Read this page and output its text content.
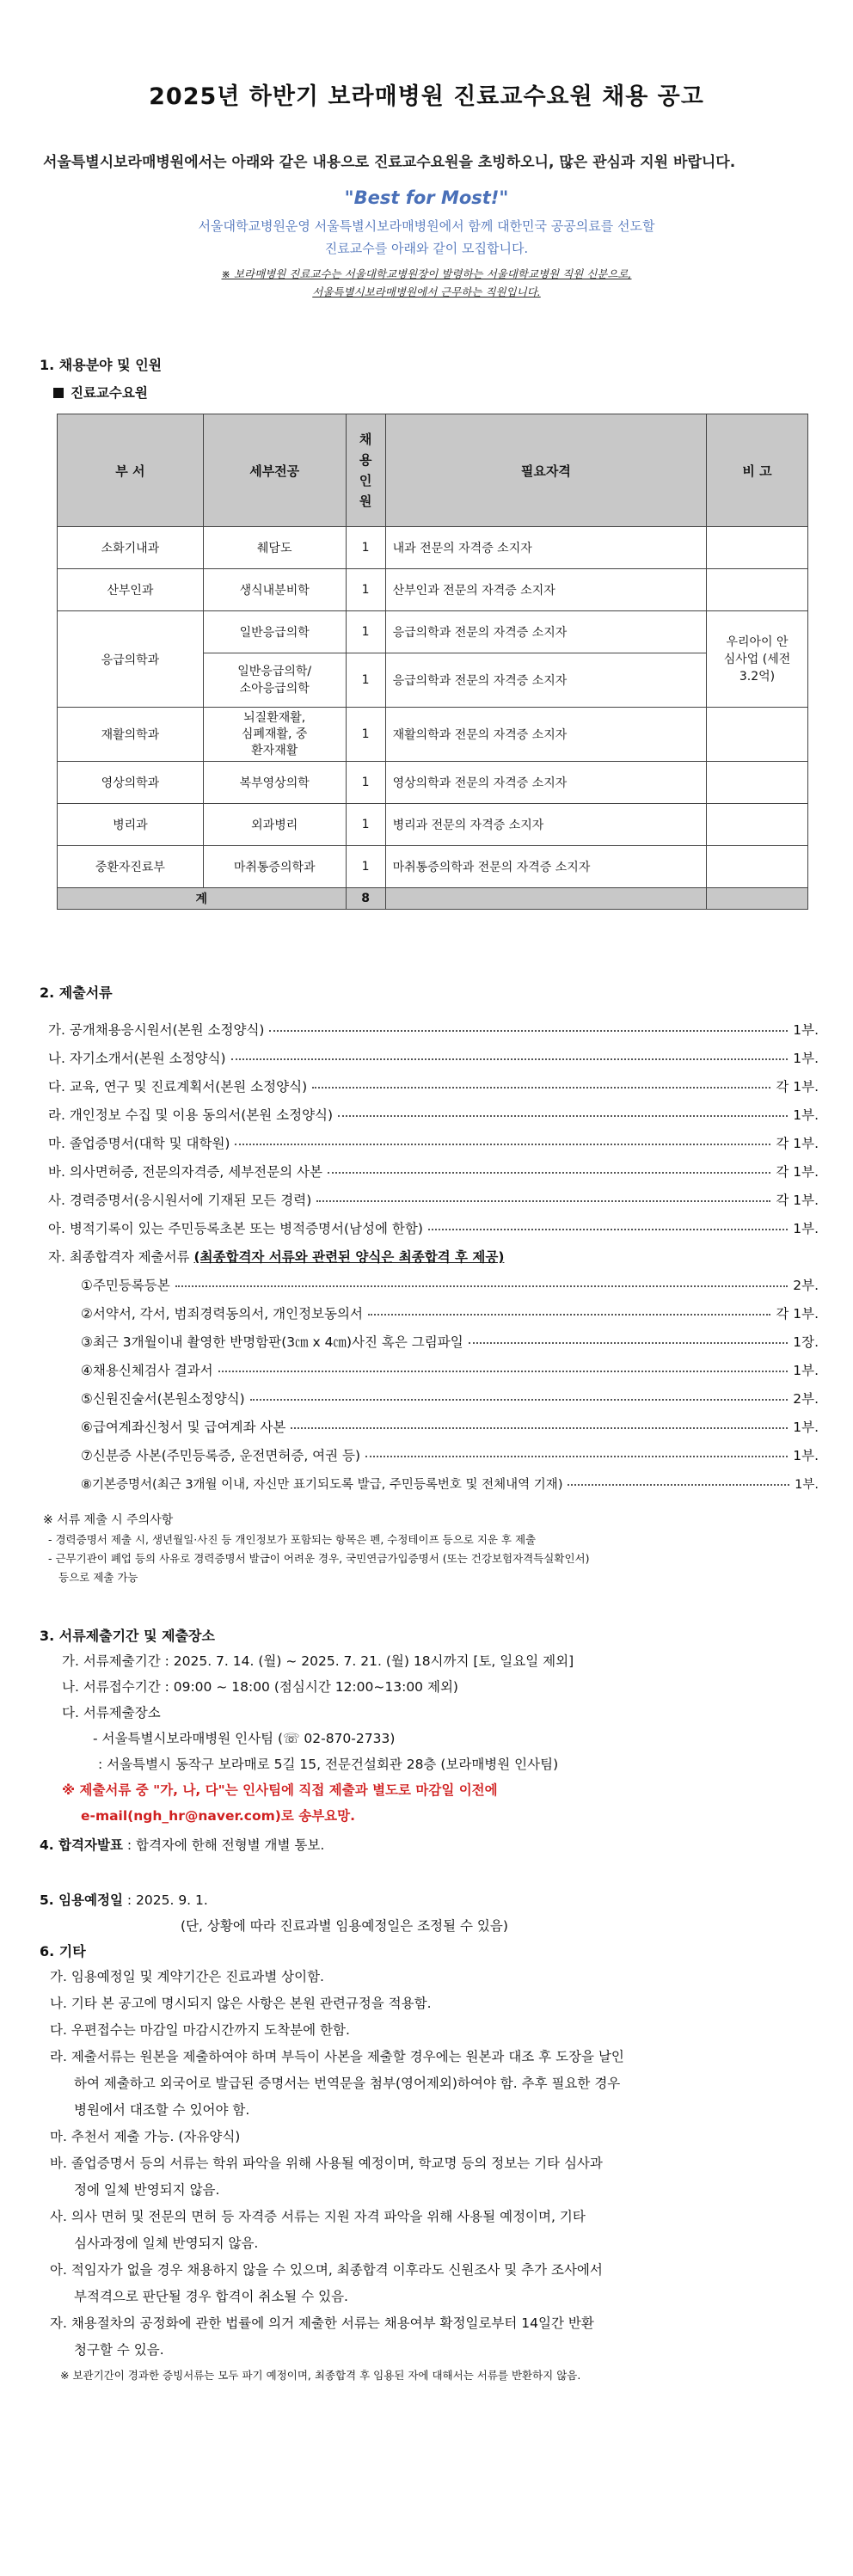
2025년 하반기 보라매병원 진료교수요원 채용 공고
서울특별시보라매병원에서는 아래와 같은 내용으로 진료교수요원을 초빙하오니, 많은 관심과 지원 바랍니다.
"Best for Most!"
서울대학교병원운영 서울특별시보라매병원에서 함께 대한민국 공공의료를 선도할
진료교수를 아래와 같이 모집합니다.
※ 보라매병원 진료교수는 서울대학교병원장이 발령하는 서울대학교병원 직원 신분으로,
서울특별시보라매병원에서 근무하는 직원입니다.
1. 채용분야 및 인원
진료교수요원
부 서	세부전공	채 용 인 원	필요자격	비 고
소화기내과	췌담도	1	내과 전문의 자격증 소지자	
산부인과	생식내분비학	1	산부인과 전문의 자격증 소지자	
응급의학과	일반응급의학	1	응급의학과 전문의 자격증 소지자	우리아이 안심사업 (세전 3.2억)
	일반응급의학/ 소아응급의학	1	응급의학과 전문의 자격증 소지자	
재활의학과	뇌질환재활, 심폐재활, 중환자재활	1	재활의학과 전문의 자격증 소지자	
영상의학과	복부영상의학	1	영상의학과 전문의 자격증 소지자	
병리과	외과병리	1	병리과 전문의 자격증 소지자	
중환자진료부	마취통증의학과	1	마취통증의학과 전문의 자격증 소지자	
계		8		
2. 제출서류
가. 공개채용응시원서(본원 소정양식)	1부.
나. 자기소개서(본원 소정양식)	1부.
다. 교육, 연구 및 진료계획서(본원 소정양식)	각 1부.
라. 개인정보 수집 및 이용 동의서(본원 소정양식)	1부.
마. 졸업증명서(대학 및 대학원)	각 1부.
바. 의사면허증, 전문의자격증, 세부전문의 사본	각 1부.
사. 경력증명서(응시원서에 기재된 모든 경력)	각 1부.
아. 병적기록이 있는 주민등록초본 또는 병적증명서(남성에 한함)	1부.
자. 최종합격자 제출서류
(최종합격자 서류와 관련된 양식은 최종합격 후 제공)
①주민등록등본	2부.
②서약서, 각서, 범죄경력동의서, 개인정보동의서	각 1부.
③최근 3개월이내 촬영한 반명함판(3㎝ x 4㎝)사진 혹은 그림파일	1장.
④채용신체검사 결과서	1부.
⑤신원진술서(본원소정양식)	2부.
⑥급여계좌신청서 및 급여계좌 사본	1부.
⑦신분증 사본(주민등록증, 운전면허증, 여권 등)	1부.
⑧기본증명서(최근 3개월 이내, 자신만 표기되도록 발급, 주민등록번호 및 전체내역 기재)	1부.
※ 서류 제출 시 주의사항
- 경력증명서 제출 시, 생년월일·사진 등 개인정보가 포함되는 항목은 펜, 수정테이프 등으로 지운 후 제출
- 근무기관이 폐업 등의 사유로 경력증명서 발급이 어려운 경우, 국민연금가입증명서 (또는 건강보험자격득실확인서)
등으로 제출 가능
3. 서류제출기간 및 제출장소
가. 서류제출기간 : 2025. 7. 14. (월) ~ 2025. 7. 21. (월) 18시까지 [토, 일요일 제외]
나. 서류접수기간 : 09:00 ~ 18:00 (점심시간 12:00~13:00 제외)
다. 서류제출장소
- 서울특별시보라매병원 인사팀 (☏ 02-870-2733)
: 서울특별시 동작구 보라매로 5길 15, 전문건설회관 28층 (보라매병원 인사팀)
※ 제출서류 중 "가, 나, 다"는 인사팀에 직접 제출과 별도로 마감일 이전에
e-mail(ngh_hr@naver.com)로 송부요망.
4. 합격자발표 : 합격자에 한해 전형별 개별 통보.
5. 임용예정일 : 2025. 9. 1.
(단, 상황에 따라 진료과별 임용예정일은 조정될 수 있음)
6. 기타
가. 임용예정일 및 계약기간은 진료과별 상이함.
나. 기타 본 공고에 명시되지 않은 사항은 본원 관련규정을 적용함.
다. 우편접수는 마감일 마감시간까지 도착분에 한함.
라. 제출서류는 원본을 제출하여야 하며 부득이 사본을 제출할 경우에는 원본과 대조 후 도장을 날인
하여 제출하고 외국어로 발급된 증명서는 번역문을 첨부(영어제외)하여야 함. 추후 필요한 경우
병원에서 대조할 수 있어야 함.
마. 추천서 제출 가능. (자유양식)
바. 졸업증명서 등의 서류는 학위 파악을 위해 사용될 예정이며, 학교명 등의 정보는 기타 심사과
정에 일체 반영되지 않음.
사. 의사 면허 및 전문의 면허 등 자격증 서류는 지원 자격 파악을 위해 사용될 예정이며, 기타
심사과정에 일체 반영되지 않음.
아. 적임자가 없을 경우 채용하지 않을 수 있으며, 최종합격 이후라도 신원조사 및 추가 조사에서
부적격으로 판단될 경우 합격이 취소될 수 있음.
자. 채용절차의 공정화에 관한 법률에 의거 제출한 서류는 채용여부 확정일로부터 14일간 반환
청구할 수 있음.
※ 보관기간이 경과한 증빙서류는 모두 파기 예정이며, 최종합격 후 임용된 자에 대해서는 서류를 반환하지 않음.
